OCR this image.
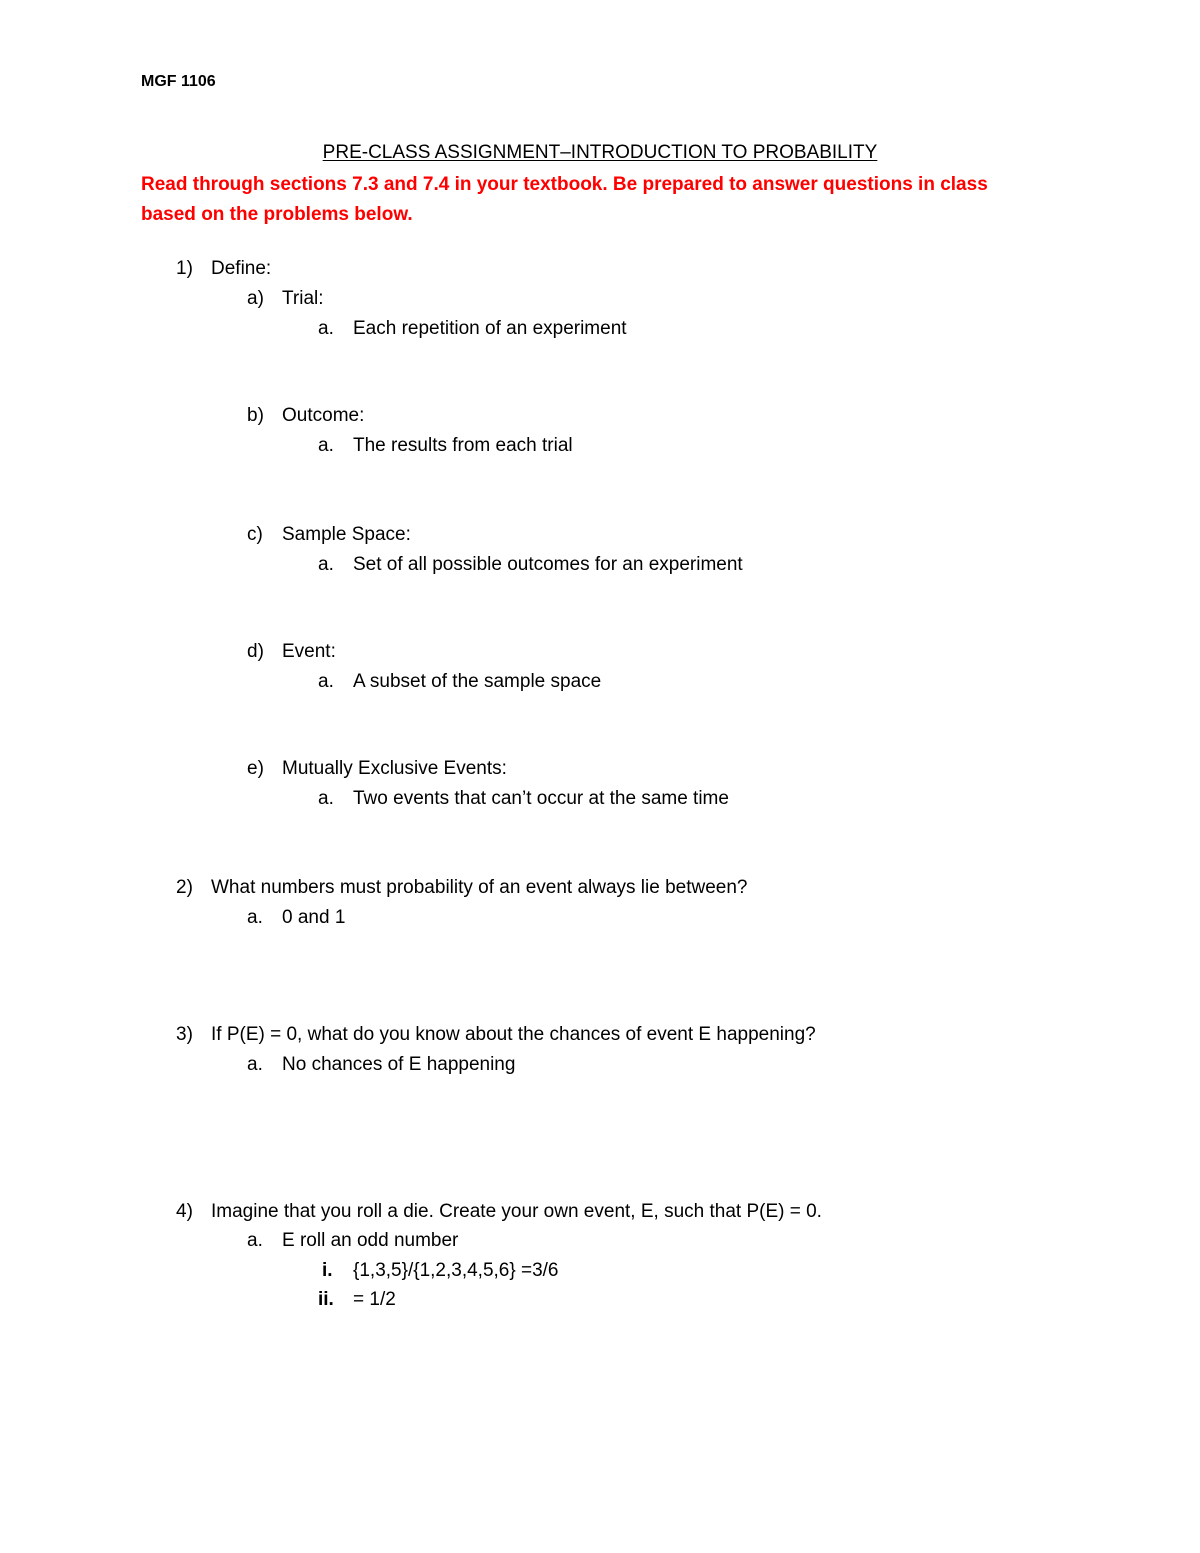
MGF 1106
PRE-CLASS ASSIGNMENT–INTRODUCTION TO PROBABILITY
Read through sections 7.3 and 7.4 in your textbook. Be prepared to answer questions in class based on the problems below.
1) Define:
a) Trial:
a. Each repetition of an experiment
b) Outcome:
a. The results from each trial
c) Sample Space:
a. Set of all possible outcomes for an experiment
d) Event:
a. A subset of the sample space
e) Mutually Exclusive Events:
a. Two events that can’t occur at the same time
2) What numbers must probability of an event always lie between?
a. 0 and 1
3) If P(E) = 0, what do you know about the chances of event E happening?
a. No chances of E happening
4) Imagine that you roll a die. Create your own event, E, such that P(E) = 0.
a. E roll an odd number
i. {1,3,5}/{1,2,3,4,5,6} =3/6
ii. = 1/2
